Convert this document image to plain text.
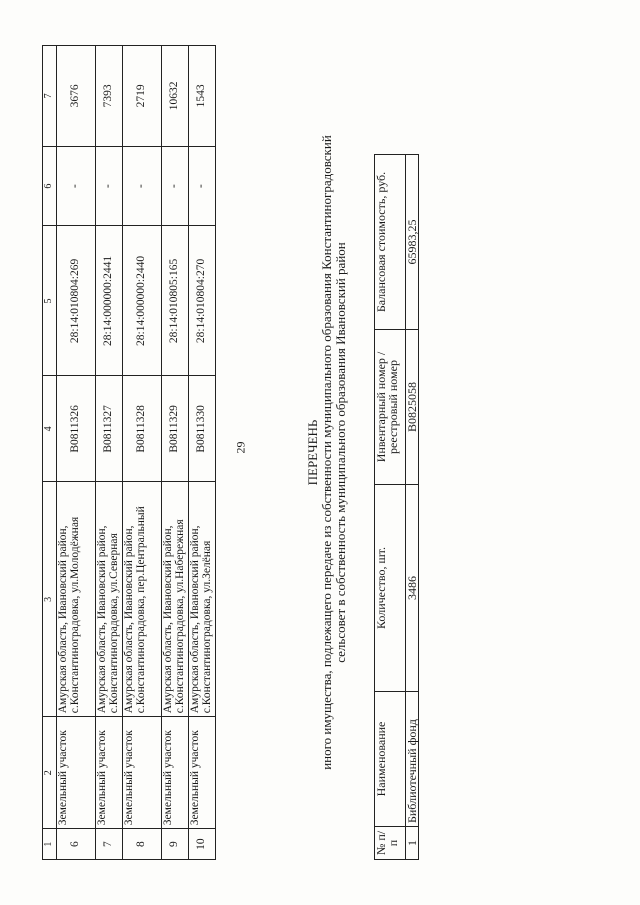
29
1	2	3	4	5	6	7
6	Земельный участок	Амурская область, Ивановский район, с.Константиноградовка, ул.Молодёжная	В0811326	28:14:010804:269	-	3676
7	Земельный участок	Амурская область, Ивановский район, с.Константиноградовка, ул.Северная	В0811327	28:14:000000:2441	-	7393
8	Земельный участок	Амурская область, Ивановский район, с.Константиноградовка, пер.Центральный	В0811328	28:14:000000:2440	-	2719
9	Земельный участок	Амурская область, Ивановский район, с.Константиноградовка, ул.Набережная	В0811329	28:14:010805:165	-	10632
10	Земельный участок	Амурская область, Ивановский район, с.Константиноградовка, ул.Зелёная	В0811330	28:14:010804:270	-	1543
ПЕРЕЧЕНЬ иного имущества, подлежащего передаче из собственности муниципального образования Константиноградовский сельсовет в собственность муниципального образования Ивановский район
№ п/п	Наименование	Количество, шт.	Инвентарный номер / реестровый номер	Балансовая стоимость, руб.
1	Библиотечный фонд	3486	В0825058	65983,25
